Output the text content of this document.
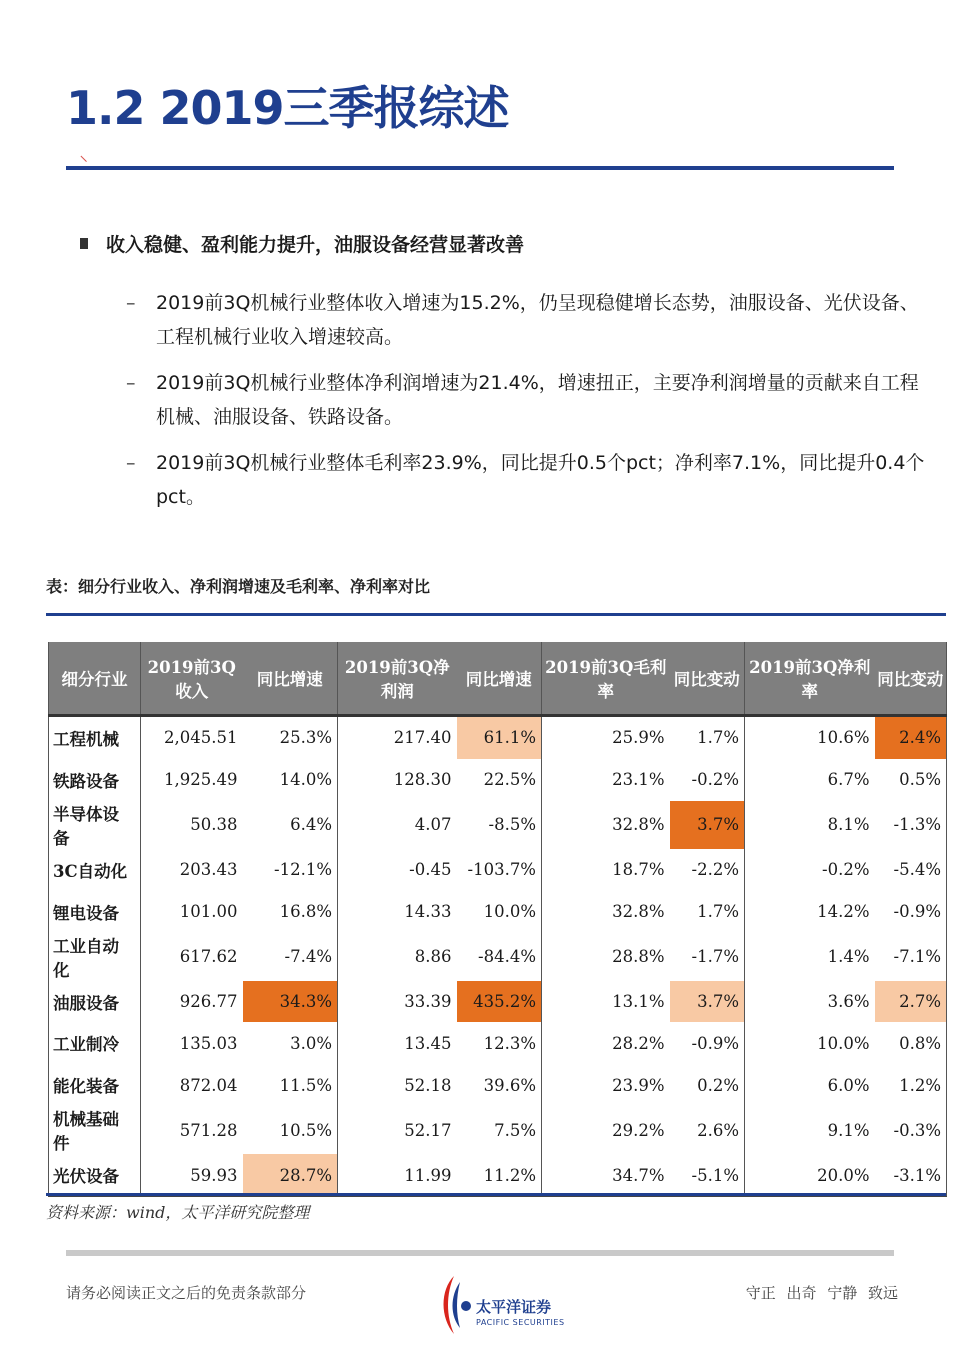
1.2 2019三季报综述
收入稳健、盈利能力提升，油服设备经营显著改善
– 2019前3Q机械行业整体收入增速为15.2%，仍呈现稳健增长态势，油服设备、光伏设备、工程机械行业收入增速较高。
– 2019前3Q机械行业整体净利润增速为21.4%，增速扭正，主要净利润增量的贡献来自工程机械、油服设备、铁路设备。
– 2019前3Q机械行业整体毛利率23.9%，同比提升0.5个pct；净利率7.1%，同比提升0.4个pct。
表：细分行业收入、净利润增速及毛利率、净利率对比
细分行业	2019前3Q收入	同比增速	2019前3Q净利润	同比增速	2019前3Q毛利率	同比变动	2019前3Q净利率	同比变动
工程机械	2,045.51	25.3%	217.40	61.1%	25.9%	1.7%	10.6%	2.4%
铁路设备	1,925.49	14.0%	128.30	22.5%	23.1%	-0.2%	6.7%	0.5%
半导体设备	50.38	6.4%	4.07	-8.5%	32.8%	3.7%	8.1%	-1.3%
3C自动化	203.43	-12.1%	-0.45	-103.7%	18.7%	-2.2%	-0.2%	-5.4%
锂电设备	101.00	16.8%	14.33	10.0%	32.8%	1.7%	14.2%	-0.9%
工业自动化	617.62	-7.4%	8.86	-84.4%	28.8%	-1.7%	1.4%	-7.1%
油服设备	926.77	34.3%	33.39	435.2%	13.1%	3.7%	3.6%	2.7%
工业制冷	135.03	3.0%	13.45	12.3%	28.2%	-0.9%	10.0%	0.8%
能化装备	872.04	11.5%	52.18	39.6%	23.9%	0.2%	6.0%	1.2%
机械基础件	571.28	10.5%	52.17	7.5%	29.2%	2.6%	9.1%	-0.3%
光伏设备	59.93	28.7%	11.99	11.2%	34.7%	-5.1%	20.0%	-3.1%
资料来源：wind，太平洋研究院整理
请务必阅读正文之后的免责条款部分
太平洋证券
PACIFIC SECURITIES
守正 出奇 宁静 致远
